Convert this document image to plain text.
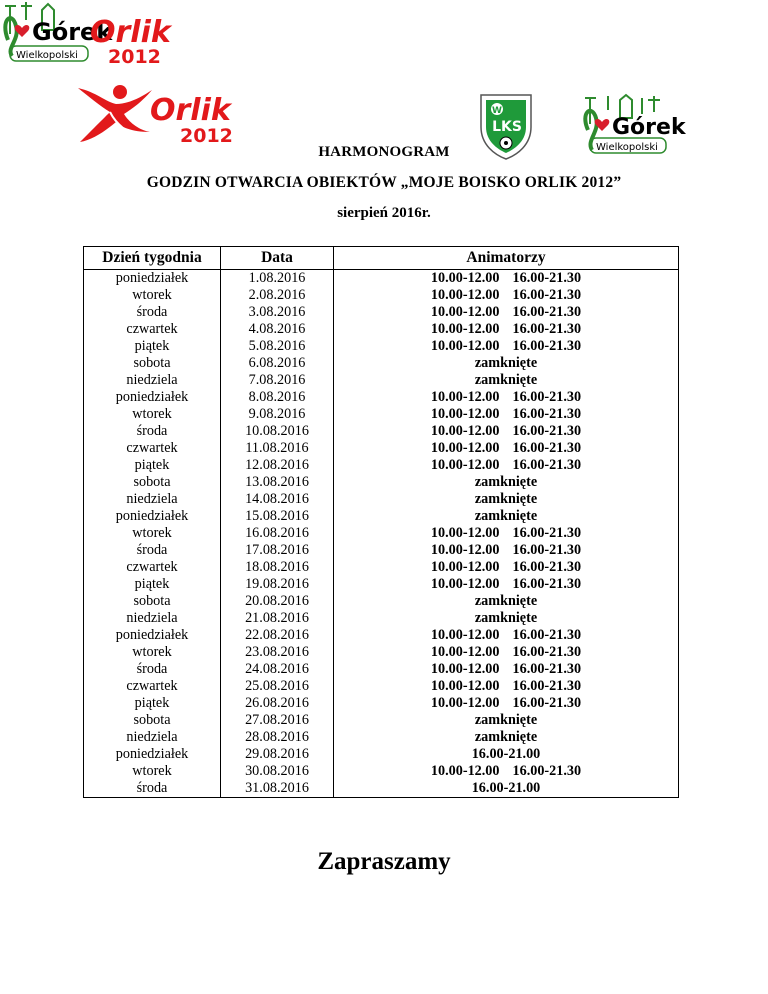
Górek
Wielkopolski
Orlik
2012
Orlik
2012
W
LKS	Górek
Wielkopolski
HARMONOGRAM
GODZIN OTWARCIA OBIEKTÓW „MOJE BOISKO ORLIK 2012”
sierpień 2016r.
Dzień tygodnia	Data	Animatorzy
poniedziałek	1.08.2016	10.00-12.00 16.00-21.30
wtorek	2.08.2016	10.00-12.00 16.00-21.30
środa	3.08.2016	10.00-12.00 16.00-21.30
czwartek	4.08.2016	10.00-12.00 16.00-21.30
piątek	5.08.2016	10.00-12.00 16.00-21.30
sobota	6.08.2016	zamknięte
niedziela	7.08.2016	zamknięte
poniedziałek	8.08.2016	10.00-12.00 16.00-21.30
wtorek	9.08.2016	10.00-12.00 16.00-21.30
środa	10.08.2016	10.00-12.00 16.00-21.30
czwartek	11.08.2016	10.00-12.00 16.00-21.30
piątek	12.08.2016	10.00-12.00 16.00-21.30
sobota	13.08.2016	zamknięte
niedziela	14.08.2016	zamknięte
poniedziałek	15.08.2016	zamknięte
wtorek	16.08.2016	10.00-12.00 16.00-21.30
środa	17.08.2016	10.00-12.00 16.00-21.30
czwartek	18.08.2016	10.00-12.00 16.00-21.30
piątek	19.08.2016	10.00-12.00 16.00-21.30
sobota	20.08.2016	zamknięte
niedziela	21.08.2016	zamknięte
poniedziałek	22.08.2016	10.00-12.00 16.00-21.30
wtorek	23.08.2016	10.00-12.00 16.00-21.30
środa	24.08.2016	10.00-12.00 16.00-21.30
czwartek	25.08.2016	10.00-12.00 16.00-21.30
piątek	26.08.2016	10.00-12.00 16.00-21.30
sobota	27.08.2016	zamknięte
niedziela	28.08.2016	zamknięte
poniedziałek	29.08.2016	16.00-21.00
wtorek	30.08.2016	10.00-12.00 16.00-21.30
środa	31.08.2016	16.00-21.00
Zapraszamy
